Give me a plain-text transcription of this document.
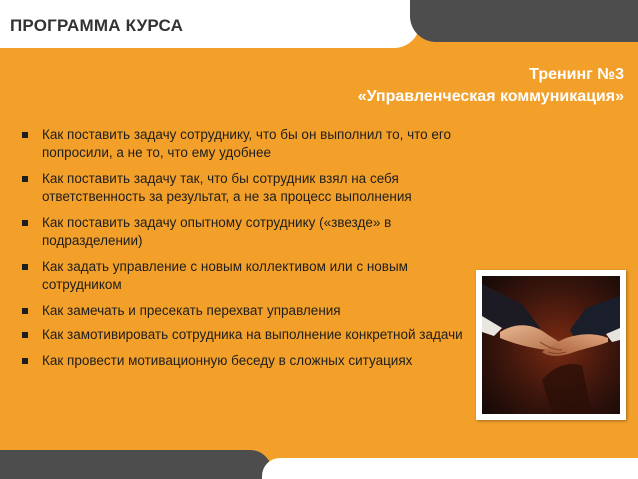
ПРОГРАММА КУРСА
Тренинг №3
«Управленческая коммуникация»
Как поставить задачу сотруднику, что бы он выполнил то, что его попросили, а не то, что ему удобнее
Как поставить задачу так, что бы сотрудник взял на себя ответственность за результат, а не за процесс выполнения
Как поставить задачу опытному сотруднику («звезде» в подразделении)
Как задать управление с новым коллективом или с новым сотрудником
Как замечать и пресекать перехват управления
Как замотивировать сотрудника на выполнение конкретной задачи
Как провести мотивационную беседу в сложных ситуациях
